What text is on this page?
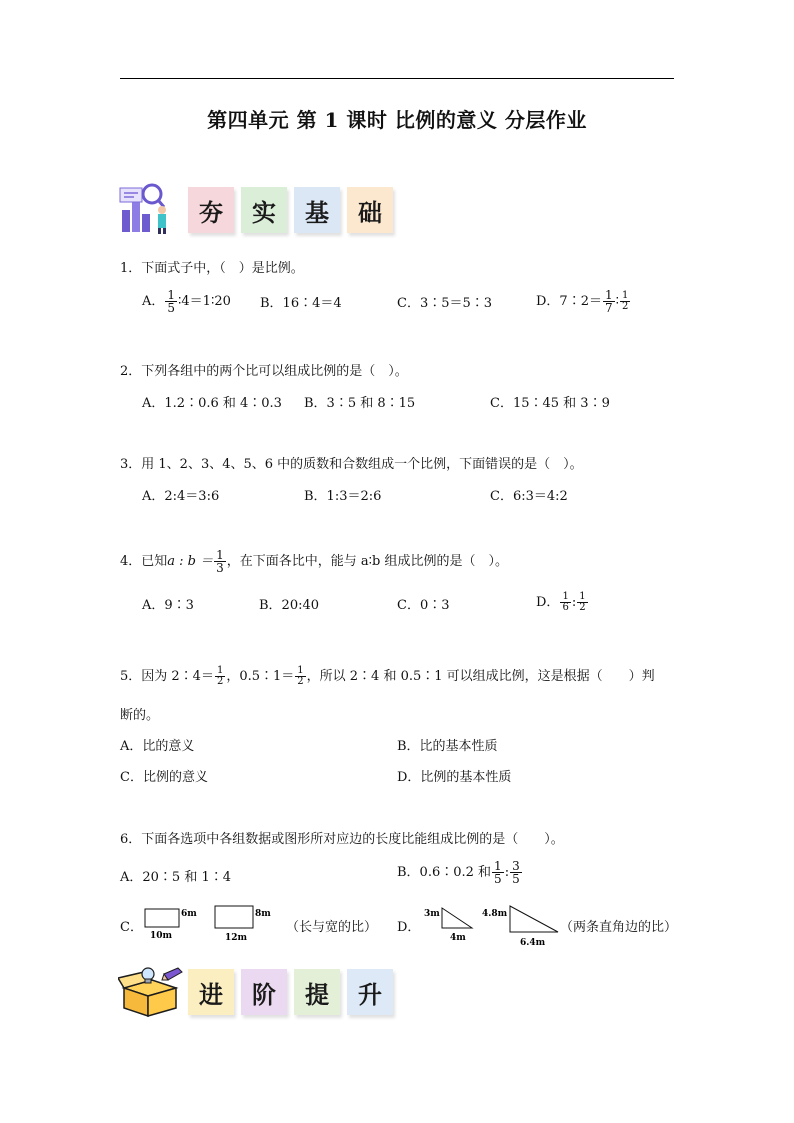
第四单元 第 1 课时 比例的意义 分层作业
夯	实	基	础
1．下面式子中，（　）是比例。
A． $\frac{1}{5}$ ∶4＝1∶20 B．16∶4＝4	C．3∶5＝5∶3	D．7∶2＝ $\frac{1}{7}$ ∶ $\frac{1}{2}$
2．下列各组中的两个比可以组成比例的是（　）。
A．1.2∶0.6 和 4∶0.3 B．3∶5 和 8∶15	C．15∶45 和 3∶9
3．用 1、2、3、4、5、6 中的质数和合数组成一个比例，下面错误的是（　）。
A．2:4＝3:6	B．1:3＝2:6	C．6:3＝4:2
4．已知a : $b = \frac{1}{3}$ ，在下面各比中，能与 a∶b 组成比例的是（　）。
A．9∶3	B．20:40	C．0∶3	D． $\frac{1}{6}$ : $\frac{1}{2}$
5．因为 2∶4＝ $\frac{1}{2}$ ，0.5∶1＝ $\frac{1}{2}$ ，所以 2∶4 和 0.5∶1 可以组成比例，这是根据（　　）判
断的。
A．比的意义	B．比的基本性质
C．比例的意义	D．比例的基本性质
6．下面各选项中各组数据或图形所对应边的长度比能组成比例的是（　　）。
A．20∶5 和 1∶4	B．0.6∶0.2 和 $\frac{1}{5}$ : $\frac{3}{5}$
C．
6m
10m
8m
12m
（长与宽的比） D．
3m
4m
4.8m
6.4m
（两条直角边的比）
进	阶	提	升
